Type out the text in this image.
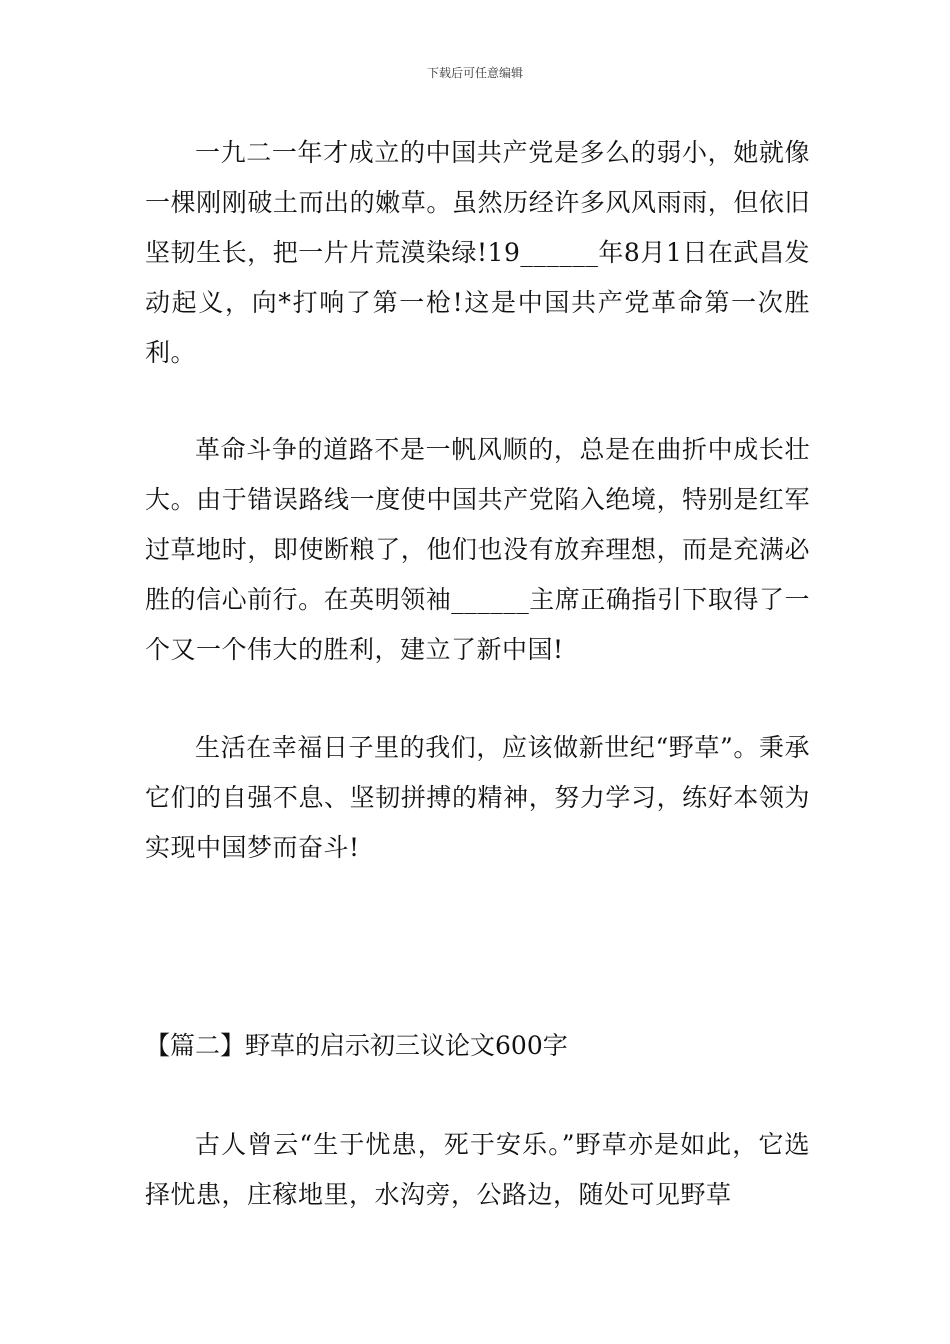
下载后可任意编辑

一九二一年才成立的中国共产党是多么的弱小，她就像一棵刚刚破土而出的嫩草。虽然历经许多风风雨雨，但依旧坚韧生长，把一片片荒漠染绿!19______年8月1日在武昌发动起义，向*打响了第一枪!这是中国共产党革命第一次胜利。

革命斗争的道路不是一帆风顺的，总是在曲折中成长壮大。由于错误路线一度使中国共产党陷入绝境，特别是红军过草地时，即使断粮了，他们也没有放弃理想，而是充满必胜的信心前行。在英明领袖______主席正确指引下取得了一个又一个伟大的胜利，建立了新中国!

生活在幸福日子里的我们，应该做新世纪“野草”。秉承它们的自强不息、坚韧拼搏的精神，努力学习，练好本领为实现中国梦而奋斗!

【篇二】野草的启示初三议论文600字

古人曾云“生于忧患，死于安乐。”野草亦是如此，它选择忧患，庄稼地里，水沟旁，公路边，随处可见野草
